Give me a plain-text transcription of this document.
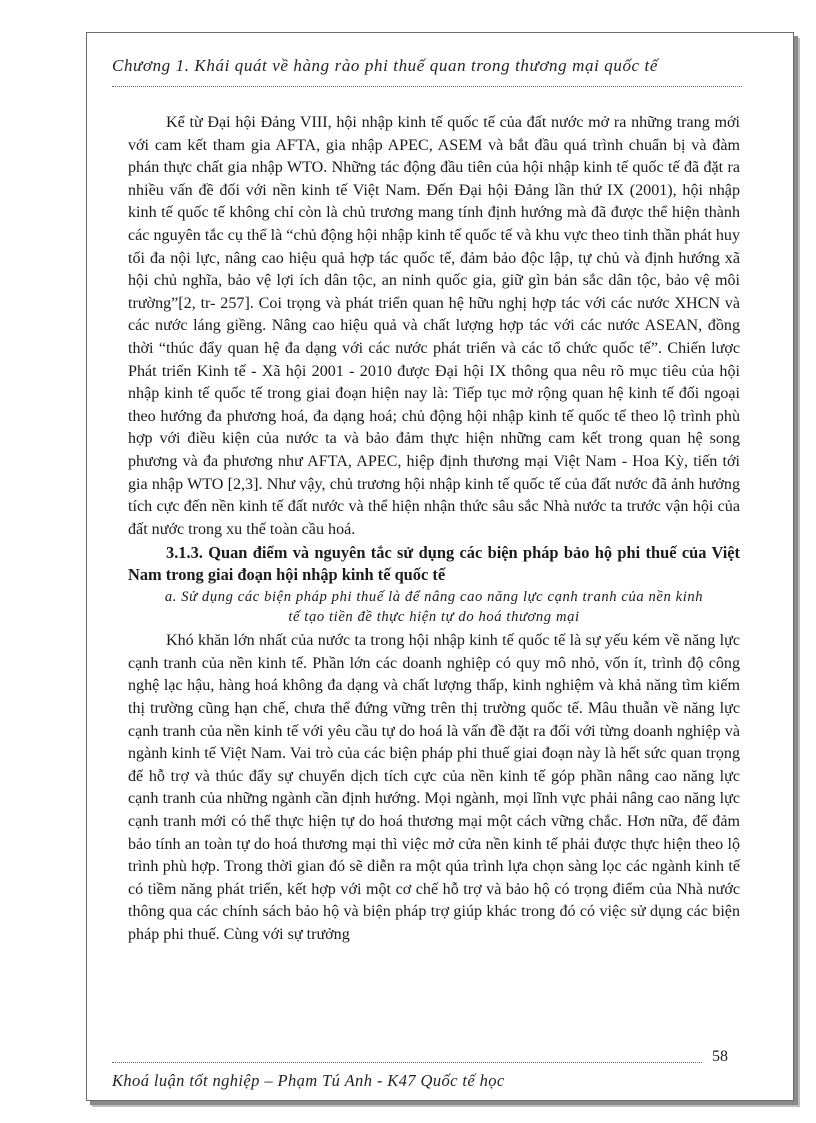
Chương 1. Khái quát về hàng rào phi thuế quan trong thương mại quốc tế

Kể từ Đại hội Đảng VIII, hội nhập kinh tế quốc tế của đất nước mở ra những trang mới với cam kết tham gia AFTA, gia nhập APEC, ASEM và bắt đầu quá trình chuẩn bị và đàm phán thực chất gia nhập WTO. Những tác động đầu tiên của hội nhập kinh tế quốc tế đã đặt ra nhiều vấn đề đối với nền kinh tế Việt Nam. Đến Đại hội Đảng lần thứ IX (2001), hội nhập kinh tế quốc tế không chỉ còn là chủ trương mang tính định hướng mà đã được thể hiện thành các nguyên tắc cụ thể là “chủ động hội nhập kinh tế quốc tế và khu vực theo tinh thần phát huy tối đa nội lực, nâng cao hiệu quả hợp tác quốc tế, đảm bảo độc lập, tự chủ và định hướng xã hội chủ nghĩa, bảo vệ lợi ích dân tộc, an ninh quốc gia, giữ gìn bản sắc dân tộc, bảo vệ môi trường”[2, tr- 257]. Coi trọng và phát triển quan hệ hữu nghị hợp tác với các nước XHCN và các nước láng giềng. Nâng cao hiệu quả và chất lượng hợp tác với các nước ASEAN, đồng thời “thúc đẩy quan hệ đa dạng với các nước phát triển và các tổ chức quốc tế”. Chiến lược Phát triển Kinh tế - Xã hội 2001 - 2010 được Đại hội IX thông qua nêu rõ mục tiêu của hội nhập kinh tế quốc tế trong giai đoạn hiện nay là: Tiếp tục mở rộng quan hệ kinh tế đối ngoại theo hướng đa phương hoá, đa dạng hoá; chủ động hội nhập kinh tế quốc tế theo lộ trình phù hợp với điều kiện của nước ta và bảo đảm thực hiện những cam kết trong quan hệ song phương và đa phương như AFTA, APEC, hiệp định thương mại Việt Nam - Hoa Kỳ, tiến tới gia nhập WTO [2,3]. Như vậy, chủ trương hội nhập kinh tế quốc tế của đất nước đã ảnh hưởng tích cực đến nền kinh tế đất nước và thể hiện nhận thức sâu sắc Nhà nước ta trước vận hội của đất nước trong xu thế toàn cầu hoá.

3.1.3. Quan điểm và nguyên tắc sử dụng các biện pháp bảo hộ phi thuế của Việt Nam trong giai đoạn hội nhập kinh tế quốc tế
a. Sử dụng các biện pháp phi thuế là để nâng cao năng lực cạnh tranh của nền kinh
tế tạo tiền đề thực hiện tự do hoá thương mại

Khó khăn lớn nhất của nước ta trong hội nhập kinh tế quốc tế là sự yếu kém về năng lực cạnh tranh của nền kinh tế. Phần lớn các doanh nghiệp có quy mô nhỏ, vốn ít, trình độ công nghệ lạc hậu, hàng hoá không đa dạng và chất lượng thấp, kinh nghiệm và khả năng tìm kiếm thị trường cũng hạn chế, chưa thể đứng vững trên thị trường quốc tế. Mâu thuẫn về năng lực cạnh tranh của nền kinh tế với yêu cầu tự do hoá là vấn đề đặt ra đối với từng doanh nghiệp và ngành kinh tế Việt Nam. Vai trò của các biện pháp phi thuế giai đoạn này là hết sức quan trọng để hỗ trợ và thúc đẩy sự chuyển dịch tích cực của nền kinh tế góp phần nâng cao năng lực cạnh tranh của những ngành cần định hướng. Mọi ngành, mọi lĩnh vực phải nâng cao năng lực cạnh tranh mới có thể thực hiện tự do hoá thương mại một cách vững chắc. Hơn nữa, để đảm bảo tính an toàn tự do hoá thương mại thì việc mở cửa nền kinh tế phải được thực hiện theo lộ trình phù hợp. Trong thời gian đó sẽ diễn ra một qúa trình lựa chọn sàng lọc các ngành kinh tế có tiềm năng phát triển, kết hợp với một cơ chế hỗ trợ và bảo hộ có trọng điểm của Nhà nước thông qua các chính sách bảo hộ và biện pháp trợ giúp khác trong đó có việc sử dụng các biện pháp phi thuế. Cùng với sự trưởng

58
Khoá luận tốt nghiệp – Phạm Tú Anh - K47 Quốc tế học
